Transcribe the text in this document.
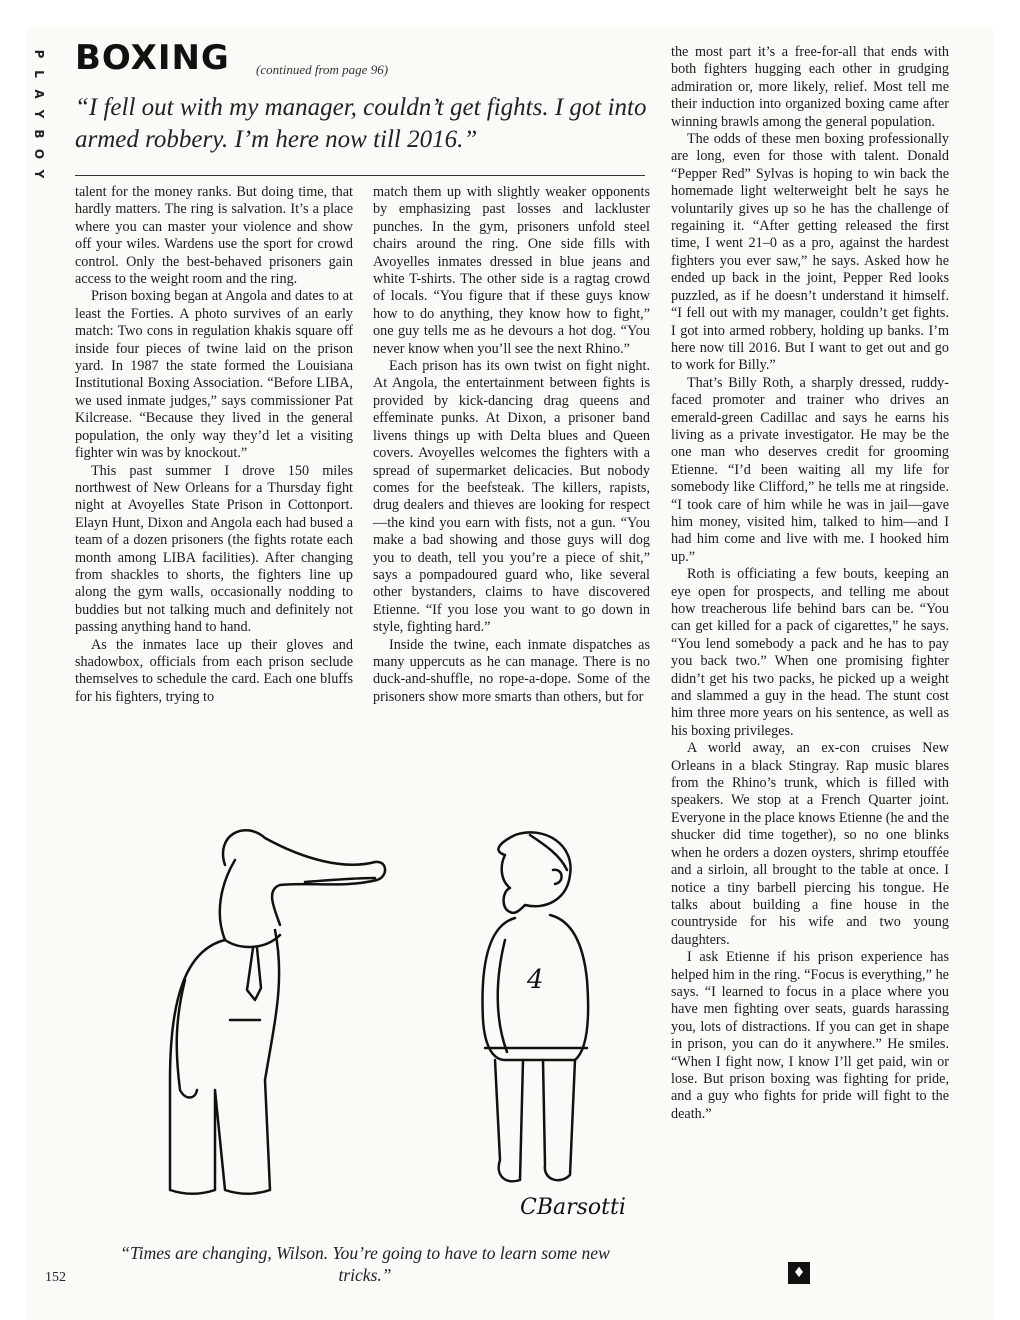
P
L
A
Y
B
O
Y
BOXING (continued from page 96)
“I fell out with my manager, couldn’t get fights. I got into armed robbery. I’m here now till 2016.”

talent for the money ranks. But doing time, that hardly matters. The ring is salvation. It’s a place where you can master your violence and show off your wiles. Wardens use the sport for crowd control. Only the best-behaved prisoners gain access to the weight room and the ring.

Prison boxing began at Angola and dates to at least the Forties. A photo survives of an early match: Two cons in regulation khakis square off inside four pieces of twine laid on the prison yard. In 1987 the state formed the Louisiana Institutional Boxing Association. “Before LIBA, we used inmate judges,” says commissioner Pat Kilcrease. “Because they lived in the general population, the only way they’d let a visiting fighter win was by knockout.”

This past summer I drove 150 miles northwest of New Orleans for a Thursday fight night at Avoyelles State Prison in Cottonport. Elayn Hunt, Dixon and Angola each had bused a team of a dozen prisoners (the fights rotate each month among LIBA facilities). After changing from shackles to shorts, the fighters line up along the gym walls, occasionally nodding to buddies but not talking much and definitely not passing anything hand to hand.

As the inmates lace up their gloves and shadowbox, officials from each prison seclude themselves to schedule the card. Each one bluffs for his fighters, trying to

match them up with slightly weaker opponents by emphasizing past losses and lackluster punches. In the gym, prisoners unfold steel chairs around the ring. One side fills with Avoyelles inmates dressed in blue jeans and white T-shirts. The other side is a ragtag crowd of locals. “You figure that if these guys know how to do anything, they know how to fight,” one guy tells me as he devours a hot dog. “You never know when you’ll see the next Rhino.”

Each prison has its own twist on fight night. At Angola, the entertainment between fights is provided by kick-dancing drag queens and effeminate punks. At Dixon, a prisoner band livens things up with Delta blues and Queen covers. Avoyelles welcomes the fighters with a spread of supermarket delicacies. But nobody comes for the beefsteak. The killers, rapists, drug dealers and thieves are looking for respect—the kind you earn with fists, not a gun. “You make a bad showing and those guys will dog you to death, tell you you’re a piece of shit,” says a pompadoured guard who, like several other bystanders, claims to have discovered Etienne. “If you lose you want to go down in style, fighting hard.”

Inside the twine, each inmate dispatches as many uppercuts as he can manage. There is no duck-and-shuffle, no rope-a-dope. Some of the prisoners show more smarts than others, but for

the most part it’s a free-for-all that ends with both fighters hugging each other in grudging admiration or, more likely, relief. Most tell me their induction into organized boxing came after winning brawls among the general population.

The odds of these men boxing professionally are long, even for those with talent. Donald “Pepper Red” Sylvas is hoping to win back the homemade light welterweight belt he says he voluntarily gives up so he has the challenge of regaining it. “After getting released the first time, I went 21–0 as a pro, against the hardest fighters you ever saw,” he says. Asked how he ended up back in the joint, Pepper Red looks puzzled, as if he doesn’t understand it himself. “I fell out with my manager, couldn’t get fights. I got into armed robbery, holding up banks. I’m here now till 2016. But I want to get out and go to work for Billy.”

That’s Billy Roth, a sharply dressed, ruddy-faced promoter and trainer who drives an emerald-green Cadillac and says he earns his living as a private investigator. He may be the one man who deserves credit for grooming Etienne. “I’d been waiting all my life for somebody like Clifford,” he tells me at ringside. “I took care of him while he was in jail—gave him money, visited him, talked to him—and I had him come and live with me. I hooked him up.”

Roth is officiating a few bouts, keeping an eye open for prospects, and telling me about how treacherous life behind bars can be. “You can get killed for a pack of cigarettes,” he says. “You lend somebody a pack and he has to pay you back two.” When one promising fighter didn’t get his two packs, he picked up a weight and slammed a guy in the head. The stunt cost him three more years on his sentence, as well as his boxing privileges.

A world away, an ex-con cruises New Orleans in a black Stingray. Rap music blares from the Rhino’s trunk, which is filled with speakers. We stop at a French Quarter joint. Everyone in the place knows Etienne (he and the shucker did time together), so no one blinks when he orders a dozen oysters, shrimp etouffée and a sirloin, all brought to the table at once. I notice a tiny barbell piercing his tongue. He talks about building a fine house in the countryside for his wife and two young daughters.

I ask Etienne if his prison experience has helped him in the ring. “Focus is everything,” he says. “I learned to focus in a place where you have men fighting over seats, guards harassing you, lots of distractions. If you can get in shape in prison, you can do it anywhere.” He smiles. “When I fight now, I know I’ll get paid, win or lose. But prison boxing was fighting for pride, and a guy who fights for pride will fight to the death.”

4
CBarsotti
“Times are changing, Wilson. You’re going to have to learn some new tricks.”
152	♦
